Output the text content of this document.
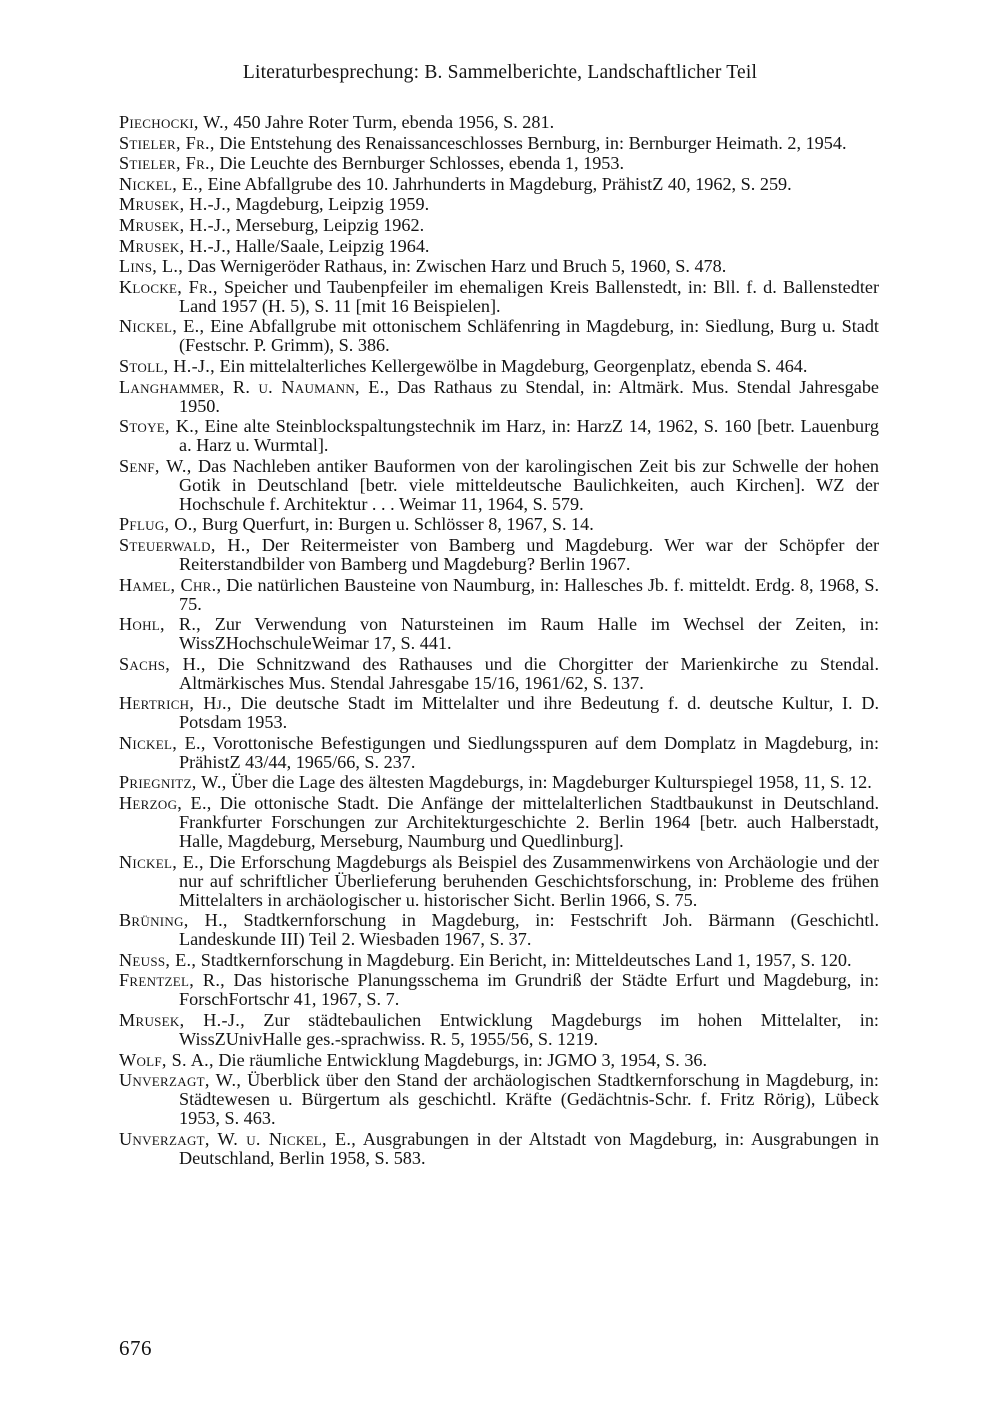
Literaturbesprechung: B. Sammelberichte, Landschaftlicher Teil
Piechocki, W., 450 Jahre Roter Turm, ebenda 1956, S. 281.
Stieler, Fr., Die Entstehung des Renaissanceschlosses Bernburg, in: Bernburger Heimath. 2, 1954.
Stieler, Fr., Die Leuchte des Bernburger Schlosses, ebenda 1, 1953.
Nickel, E., Eine Abfallgrube des 10. Jahrhunderts in Magdeburg, PrähistZ 40, 1962, S. 259.
Mrusek, H.-J., Magdeburg, Leipzig 1959.
Mrusek, H.-J., Merseburg, Leipzig 1962.
Mrusek, H.-J., Halle/Saale, Leipzig 1964.
Lins, L., Das Wernigeröder Rathaus, in: Zwischen Harz und Bruch 5, 1960, S. 478.
Klocke, Fr., Speicher und Taubenpfeiler im ehemaligen Kreis Ballenstedt, in: Bll. f. d. Ballenstedter Land 1957 (H. 5), S. 11 [mit 16 Beispielen].
Nickel, E., Eine Abfallgrube mit ottonischem Schläfenring in Magdeburg, in: Siedlung, Burg u. Stadt (Festschr. P. Grimm), S. 386.
Stoll, H.-J., Ein mittelalterliches Kellergewölbe in Magdeburg, Georgenplatz, ebenda S. 464.
Langhammer, R. u. Naumann, E., Das Rathaus zu Stendal, in: Altmärk. Mus. Stendal Jahresgabe 1950.
Stoye, K., Eine alte Steinblockspaltungstechnik im Harz, in: HarzZ 14, 1962, S. 160 [betr. Lauenburg a. Harz u. Wurmtal].
Senf, W., Das Nachleben antiker Bauformen von der karolingischen Zeit bis zur Schwelle der hohen Gotik in Deutschland [betr. viele mitteldeutsche Baulichkeiten, auch Kirchen]. WZ der Hochschule f. Architektur . . . Weimar 11, 1964, S. 579.
Pflug, O., Burg Querfurt, in: Burgen u. Schlösser 8, 1967, S. 14.
Steuerwald, H., Der Reitermeister von Bamberg und Magdeburg. Wer war der Schöpfer der Reiterstandbilder von Bamberg und Magdeburg? Berlin 1967.
Hamel, Chr., Die natürlichen Bausteine von Naumburg, in: Hallesches Jb. f. mitteldt. Erdg. 8, 1968, S. 75.
Hohl, R., Zur Verwendung von Natursteinen im Raum Halle im Wechsel der Zeiten, in: WissZHochschuleWeimar 17, S. 441.
Sachs, H., Die Schnitzwand des Rathauses und die Chorgitter der Marienkirche zu Stendal. Altmärkisches Mus. Stendal Jahresgabe 15/16, 1961/62, S. 137.
Hertrich, Hj., Die deutsche Stadt im Mittelalter und ihre Bedeutung f. d. deutsche Kultur, I. D. Potsdam 1953.
Nickel, E., Vorottonische Befestigungen und Siedlungsspuren auf dem Domplatz in Magdeburg, in: PrähistZ 43/44, 1965/66, S. 237.
Priegnitz, W., Über die Lage des ältesten Magdeburgs, in: Magdeburger Kulturspiegel 1958, 11, S. 12.
Herzog, E., Die ottonische Stadt. Die Anfänge der mittelalterlichen Stadtbaukunst in Deutschland. Frankfurter Forschungen zur Architekturgeschichte 2. Berlin 1964 [betr. auch Halberstadt, Halle, Magdeburg, Merseburg, Naumburg und Quedlinburg].
Nickel, E., Die Erforschung Magdeburgs als Beispiel des Zusammenwirkens von Archäologie und der nur auf schriftlicher Überlieferung beruhenden Geschichtsforschung, in: Probleme des frühen Mittelalters in archäologischer u. historischer Sicht. Berlin 1966, S. 75.
Brüning, H., Stadtkernforschung in Magdeburg, in: Festschrift Joh. Bärmann (Geschichtl. Landeskunde III) Teil 2. Wiesbaden 1967, S. 37.
Neuss, E., Stadtkernforschung in Magdeburg. Ein Bericht, in: Mitteldeutsches Land 1, 1957, S. 120.
Frentzel, R., Das historische Planungsschema im Grundriß der Städte Erfurt und Magdeburg, in: ForschFortschr 41, 1967, S. 7.
Mrusek, H.-J., Zur städtebaulichen Entwicklung Magdeburgs im hohen Mittelalter, in: WissZUnivHalle ges.-sprachwiss. R. 5, 1955/56, S. 1219.
Wolf, S. A., Die räumliche Entwicklung Magdeburgs, in: JGMO 3, 1954, S. 36.
Unverzagt, W., Überblick über den Stand der archäologischen Stadtkernforschung in Magdeburg, in: Städtewesen u. Bürgertum als geschichtl. Kräfte (Gedächtnis-Schr. f. Fritz Rörig), Lübeck 1953, S. 463.
Unverzagt, W. u. Nickel, E., Ausgrabungen in der Altstadt von Magdeburg, in: Ausgrabungen in Deutschland, Berlin 1958, S. 583.
676
